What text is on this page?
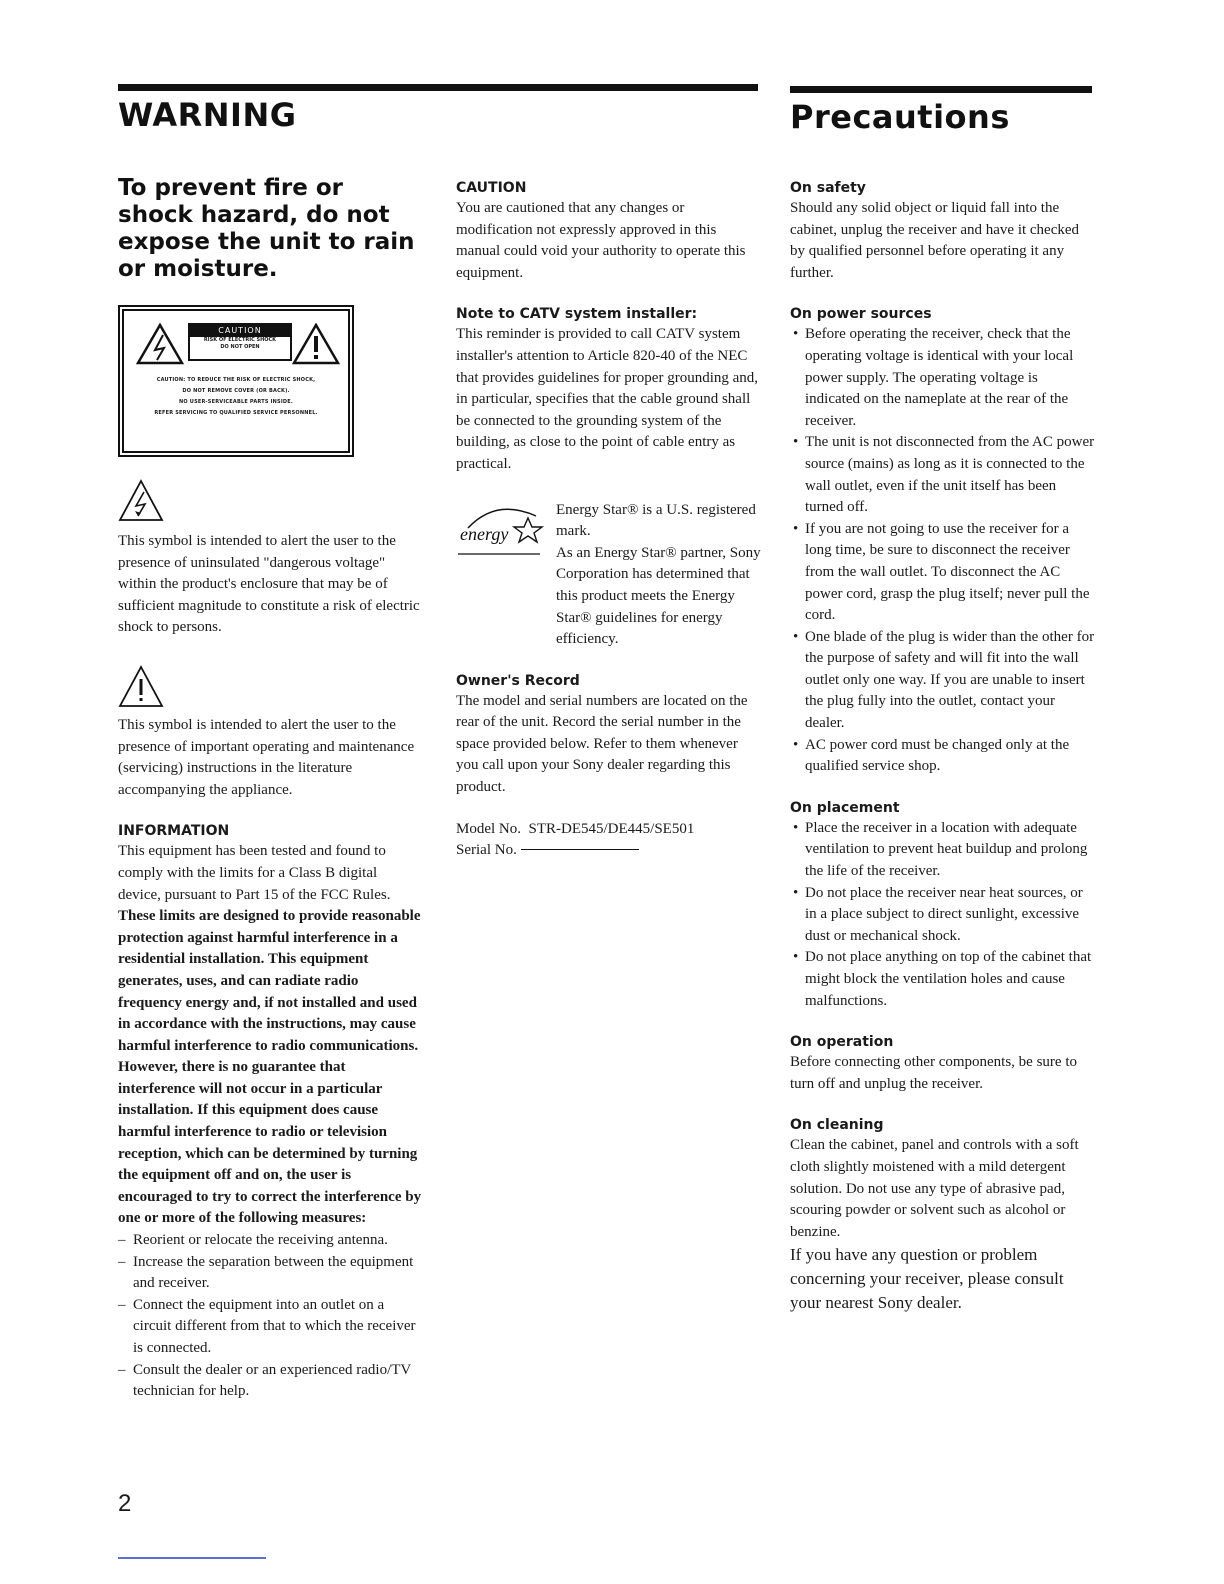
WARNING	Precautions

To prevent fire or shock hazard, do not expose the unit to rain or moisture.

CAUTION
RISK OF ELECTRIC SHOCK
DO NOT OPEN
CAUTION: TO REDUCE THE RISK OF ELECTRIC SHOCK,
DO NOT REMOVE COVER (OR BACK).
NO USER-SERVICEABLE PARTS INSIDE.
REFER SERVICING TO QUALIFIED SERVICE PERSONNEL.

This symbol is intended to alert the user to the presence of uninsulated "dangerous voltage" within the product's enclosure that may be of sufficient magnitude to constitute a risk of electric shock to persons.

This symbol is intended to alert the user to the presence of important operating and maintenance (servicing) instructions in the literature accompanying the appliance.

INFORMATION

This equipment has been tested and found to comply with the limits for a Class B digital device, pursuant to Part 15 of the FCC Rules.

These limits are designed to provide reasonable protection against harmful interference in a residential installation. This equipment generates, uses, and can radiate radio frequency energy and, if not installed and used in accordance with the instructions, may cause harmful interference to radio communications. However, there is no guarantee that interference will not occur in a particular installation. If this equipment does cause harmful interference to radio or television reception, which can be determined by turning the equipment off and on, the user is encouraged to try to correct the interference by one or more of the following measures:

– Reorient or relocate the receiving antenna.
– Increase the separation between the equipment and receiver.
– Connect the equipment into an outlet on a circuit different from that to which the receiver is connected.
– Consult the dealer or an experienced radio/TV technician for help.

CAUTION

You are cautioned that any changes or modification not expressly approved in this manual could void your authority to operate this equipment.

Note to CATV system installer:

This reminder is provided to call CATV system installer's attention to Article 820-40 of the NEC that provides guidelines for proper grounding and, in particular, specifies that the cable ground shall be connected to the grounding system of the building, as close to the point of cable entry as practical.

energy

Energy Star® is a U.S. registered mark.

As an Energy Star® partner, Sony Corporation has determined that this product meets the Energy Star® guidelines for energy efficiency.

Owner's Record

The model and serial numbers are located on the rear of the unit. Record the serial number in the space provided below. Refer to them whenever you call upon your Sony dealer regarding this product.

Model No.  STR-DE545/DE445/SE501

Serial No.

On safety

Should any solid object or liquid fall into the cabinet, unplug the receiver and have it checked by qualified personnel before operating it any further.

On power sources

• Before operating the receiver, check that the operating voltage is identical with your local power supply. The operating voltage is indicated on the nameplate at the rear of the receiver.
• The unit is not disconnected from the AC power source (mains) as long as it is connected to the wall outlet, even if the unit itself has been turned off.
• If you are not going to use the receiver for a long time, be sure to disconnect the receiver from the wall outlet. To disconnect the AC power cord, grasp the plug itself; never pull the cord.
• One blade of the plug is wider than the other for the purpose of safety and will fit into the wall outlet only one way. If you are unable to insert the plug fully into the outlet, contact your dealer.
• AC power cord must be changed only at the qualified service shop.

On placement

• Place the receiver in a location with adequate ventilation to prevent heat buildup and prolong the life of the receiver.
• Do not place the receiver near heat sources, or in a place subject to direct sunlight, excessive dust or mechanical shock.
• Do not place anything on top of the cabinet that might block the ventilation holes and cause malfunctions.

On operation

Before connecting other components, be sure to turn off and unplug the receiver.

On cleaning

Clean the cabinet, panel and controls with a soft cloth slightly moistened with a mild detergent solution. Do not use any type of abrasive pad, scouring powder or solvent such as alcohol or benzine.

If you have any question or problem concerning your receiver, please consult your nearest Sony dealer.

2
